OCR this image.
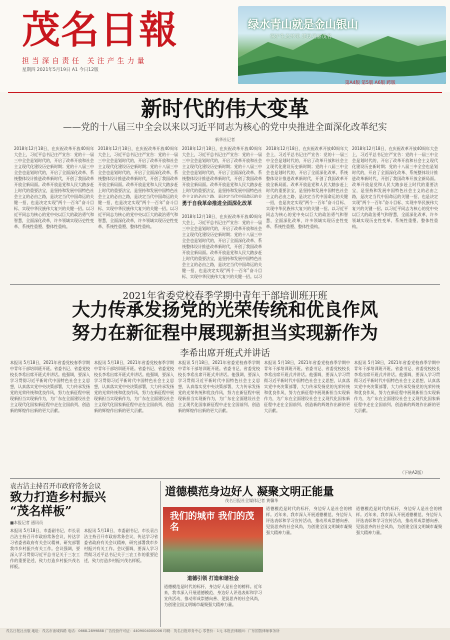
茂名日報
担当深自责任 关注产生力量
星期四 2021年5月19日 A1 今日12版
绿水青山就是金山银山
保护生态环境 建设美丽茂名
第A4版 第5版 A6版 跨版
新时代的伟大变革
——党的十八届三中全会以来以习近平同志为核心的党中央推进全面深化改革纪实
新华社记者
2018年12月18日，在庆祝改革开放40周年大会上，习近平总书记庄严宣告：党的十一届三中全会是划时代的，开启了改革开放和社会主义现代化建设历史新时期；党的十八届三中全会也是划时代的，开启了全面深化改革、系统整体设计推进改革新时代，开创了我国改革开放全新局面。改革开放是党和人民大踏步赶上时代的重要法宝，是坚持和发展中国特色社会主义的必由之路，是决定当代中国命运的关键一招，也是决定实现“两个一百年”奋斗目标、实现中华民族伟大复兴的关键一招。以习近平同志为核心的党中央以巨大的政治勇气和智慧，全面深化改革，许多领域实现历史性变革、系统性重塑、整体性重构。
2018年12月18日，在庆祝改革开放40周年大会上，习近平总书记庄严宣告：党的十一届三中全会是划时代的，开启了改革开放和社会主义现代化建设历史新时期；党的十八届三中全会也是划时代的，开启了全面深化改革、系统整体设计推进改革新时代，开创了我国改革开放全新局面。改革开放是党和人民大踏步赶上时代的重要法宝，是坚持和发展中国特色社会主义的必由之路，是决定当代中国命运的关键一招，也是决定实现“两个一百年”奋斗目标、实现中华民族伟大复兴的关键一招。以习近平同志为核心的党中央以巨大的政治勇气和智慧，全面深化改革，许多领域实现历史性变革、系统性重塑、整体性重构。
勇于自我革命推进全面深化改革
2018年12月18日，在庆祝改革开放40周年大会上，习近平总书记庄严宣告：党的十一届三中全会是划时代的，开启了改革开放和社会主义现代化建设历史新时期；党的十八届三中全会也是划时代的，开启了全面深化改革、系统整体设计推进改革新时代，开创了我国改革开放全新局面。改革开放是党和人民大踏步赶上时代的重要法宝，是坚持和发展中国特色社会主义的必由之路，是决定当代中国命运的关
2018年12月18日，在庆祝改革开放40周年大会上，习近平总书记庄严宣告：党的十一届三中全会是划时代的，开启了改革开放和社会主义现代化建设历史新时期；党的十八届三中全会也是划时代的，开启了全面深化改革、系统整体设计推进改革新时代，开创了我国改革开放全新局面。改革开放是党和人民大踏步赶上时代的重要法宝，是坚持和发展中国特色社会主义的必由之路，是决定当代中国命运的关键一招，也是决定实现“两个一百年”奋斗目标、实现中华民族伟大复兴的关键一招。以习
2018年12月18日，在庆祝改革开放40周年大会上，习近平总书记庄严宣告：党的十一届三中全会是划时代的，开启了改革开放和社会主义现代化建设历史新时期；党的十八届三中全会也是划时代的，开启了全面深化改革、系统整体设计推进改革新时代，开创了我国改革开放全新局面。改革开放是党和人民大踏步赶上时代的重要法宝，是坚持和发展中国特色社会主义的必由之路，是决定当代中国命运的关键一招，也是决定实现“两个一百年”奋斗目标、实现中华民族伟大复兴的关键一招。以习近平同志为核心的党中央以巨大的政治勇气和智慧，全面深化改革，许多领域实现历史性变革、系统性重塑、整体性重构。
2018年12月18日，在庆祝改革开放40周年大会上，习近平总书记庄严宣告：党的十一届三中全会是划时代的，开启了改革开放和社会主义现代化建设历史新时期；党的十八届三中全会也是划时代的，开启了全面深化改革、系统整体设计推进改革新时代，开创了我国改革开放全新局面。改革开放是党和人民大踏步赶上时代的重要法宝，是坚持和发展中国特色社会主义的必由之路，是决定当代中国命运的关键一招，也是决定实现“两个一百年”奋斗目标、实现中华民族伟大复兴的关键一招。以习近平同志为核心的党中央以巨大的政治勇气和智慧，全面深化改革，许多领域实现历史性变革、系统性重塑、整体性重构。
2021年省委党校春季学期中青年干部培训班开班
大力传承发扬党的光荣传统和优良作风
努力在新征程中展现新担当实现新作为
李希出席开班式并讲话
本报讯 5月18日，2021年省委党校春季学期中青年干部培训班开班。省委书记、省委党校校长李希出席开班式并讲话。他强调，要深入学习贯彻习近平新时代中国特色社会主义思想，认真落实党中央决策部署，大力传承发扬党的光荣传统和优良作风，努力在新征程中展现新担当实现新作为，为广东在全面建设社会主义现代化国家新征程中走在全国前列、创造新的辉煌作出新的更大贡献。
本报讯 5月18日，2021年省委党校春季学期中青年干部培训班开班。省委书记、省委党校校长李希出席开班式并讲话。他强调，要深入学习贯彻习近平新时代中国特色社会主义思想，认真落实党中央决策部署，大力传承发扬党的光荣传统和优良作风，努力在新征程中展现新担当实现新作为，为广东在全面建设社会主义现代化国家新征程中走在全国前列、创造新的辉煌作出新的更大贡献。
本报讯 5月18日，2021年省委党校春季学期中青年干部培训班开班。省委书记、省委党校校长李希出席开班式并讲话。他强调，要深入学习贯彻习近平新时代中国特色社会主义思想，认真落实党中央决策部署，大力传承发扬党的光荣传统和优良作风，努力在新征程中展现新担当实现新作为，为广东在全面建设社会主义现代化国家新征程中走在全国前列、创造新的辉煌作出新的更大贡献。
本报讯 5月18日，2021年省委党校春季学期中青年干部培训班开班。省委书记、省委党校校长李希出席开班式并讲话。他强调，要深入学习贯彻习近平新时代中国特色社会主义思想，认真落实党中央决策部署，大力传承发扬党的光荣传统和优良作风，努力在新征程中展现新担当实现新作为，为广东在全面建设社会主义现代化国家新征程中走在全国前列、创造新的辉煌作出新的更大贡献。
本报讯 5月18日，2021年省委党校春季学期中青年干部培训班开班。省委书记、省委党校校长李希出席开班式并讲话。他强调，要深入学习贯彻习近平新时代中国特色社会主义思想，认真落实党中央决策部署，大力传承发扬党的光荣传统和优良作风，努力在新征程中展现新担当实现新作为，为广东在全面建设社会主义现代化国家新征程中走在全国前列、创造新的辉煌作出新的更大贡献。
（下转A2版）
袁古洁主持召开市政府常务会议
致力打造乡村振兴
“茂名样板”
■本报记者 通讯员
本报讯 5月18日，市委副书记、市长袁古洁主持召开市政府常务会议，传达学习省委省政府有关会议精神，研究部署我市乡村振兴有关工作。会议强调，要深入学习贯彻习近平总书记关于三农工作的重要论述，致力打造乡村振兴茂名样板。
本报讯 5月18日，市委副书记、市长袁古洁主持召开市政府常务会议，传达学习省委省政府有关会议精神，研究部署我市乡村振兴有关工作。会议强调，要深入学习贯彻习近平总书记关于三农工作的重要论述，致力打造乡村振兴茂名样板。
道德模范身边好人 凝聚文明正能量
茂名日报社全媒体记者 黄馨华
我们的城市 我们的茂名
道德引领 打造和谐社会
道德模范是时代的标杆，身边好人是社会的榜样。近年来，我市深入开展道德模范、身边好人评选表彰和学习宣传活动，推动形成崇德向善、见贤思齐的社会风尚，为创建全国文明城市凝聚强大精神力量。
道德模范是时代的标杆，身边好人是社会的榜样。近年来，我市深入开展道德模范、身边好人评选表彰和学习宣传活动，推动形成崇德向善、见贤思齐的社会风尚，为创建全国文明城市凝聚强大精神力量。
道德模范是时代的标杆，身边好人是社会的榜样。近年来，我市深入开展道德模范、身边好人评选表彰和学习宣传活动，推动形成崇德向善、见贤思齐的社会风尚，为创建全国文明城市凝聚强大精神力量。
茂名日报社出版 地址：茂名市油城四路 电话：0668-2899888 广告经营许可证：4409004000006 印刷：茂名日报印务中心 零售价：1元 本报法律顾问：广东国智律师事务所
